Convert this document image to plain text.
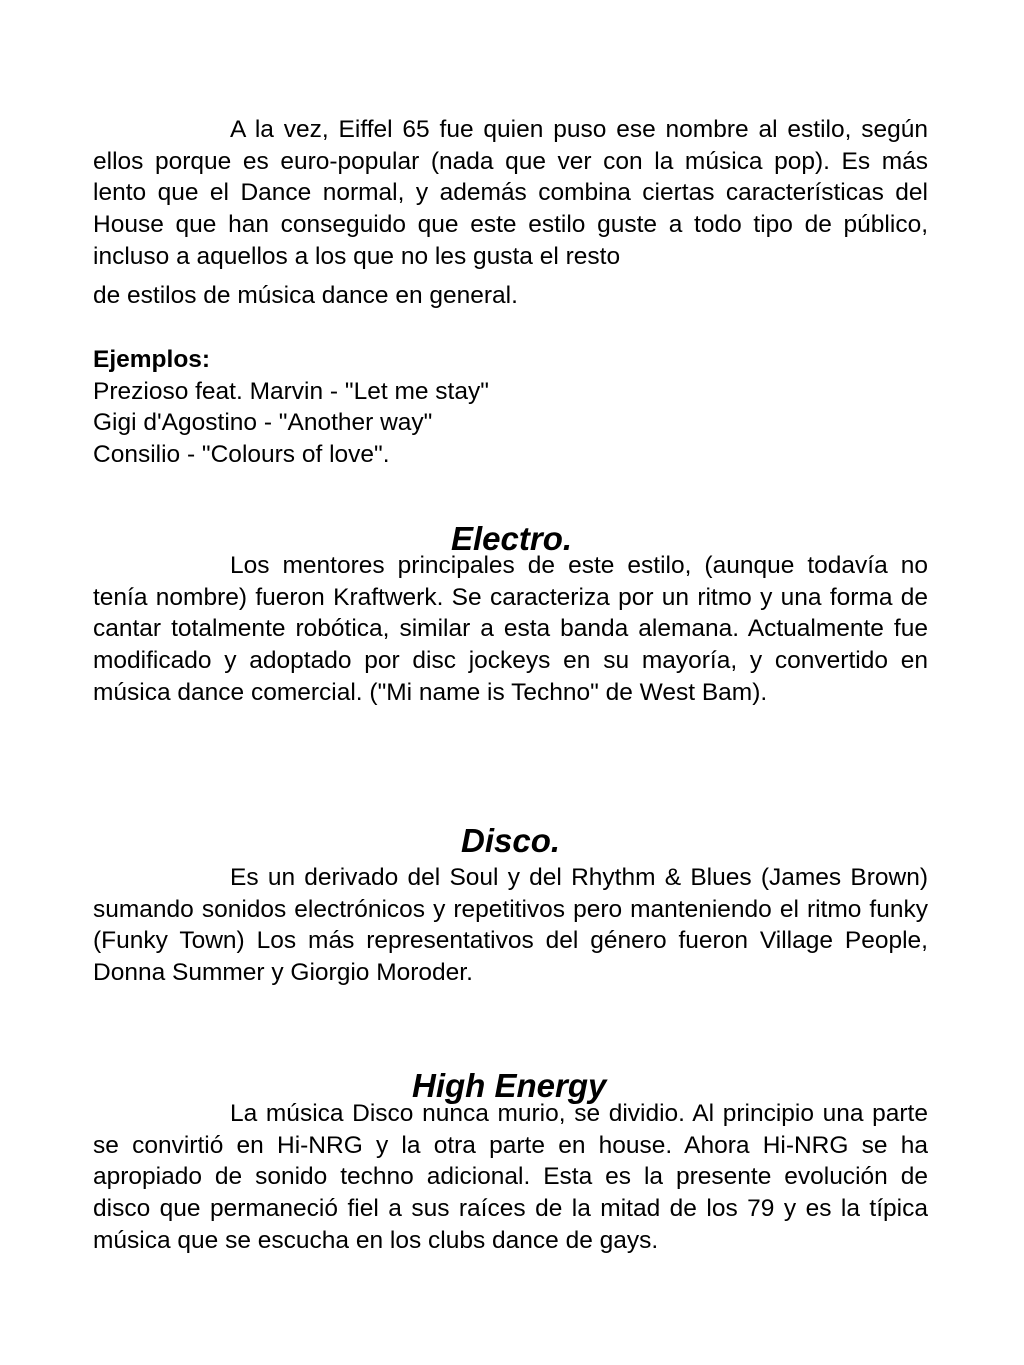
A la vez, Eiffel 65 fue quien puso ese nombre al estilo, según ellos porque es euro-popular (nada que ver con la música pop). Es más lento que el Dance normal, y además combina ciertas características del House que han conseguido que este estilo guste a todo tipo de público, incluso a aquellos a los que no les gusta el resto
de estilos de música dance en general.

Ejemplos:
Prezioso feat. Marvin - "Let me stay"
Gigi d'Agostino - "Another way"
Consilio - "Colours of love".
Electro.

Los mentores principales de este estilo, (aunque todavía no tenía nombre) fueron Kraftwerk. Se caracteriza por un ritmo y una forma de cantar totalmente robótica, similar a esta banda alemana. Actualmente fue modificado y adoptado por disc jockeys en su mayoría, y convertido en música dance comercial. ("Mi name is Techno" de West Bam).

Disco.

Es un derivado del Soul y del Rhythm & Blues (James Brown) sumando sonidos electrónicos y repetitivos pero manteniendo el ritmo funky (Funky Town) Los más representativos del género fueron Village People, Donna Summer y Giorgio Moroder.

High Energy

La música Disco nunca murio, se dividio. Al principio una parte se convirtió en Hi-NRG y la otra parte en house. Ahora Hi-NRG se ha apropiado de sonido techno adicional. Esta es la presente evolución de disco que permaneció fiel a sus raíces de la mitad de los 79 y es la típica música que se escucha en los clubs dance de gays.
